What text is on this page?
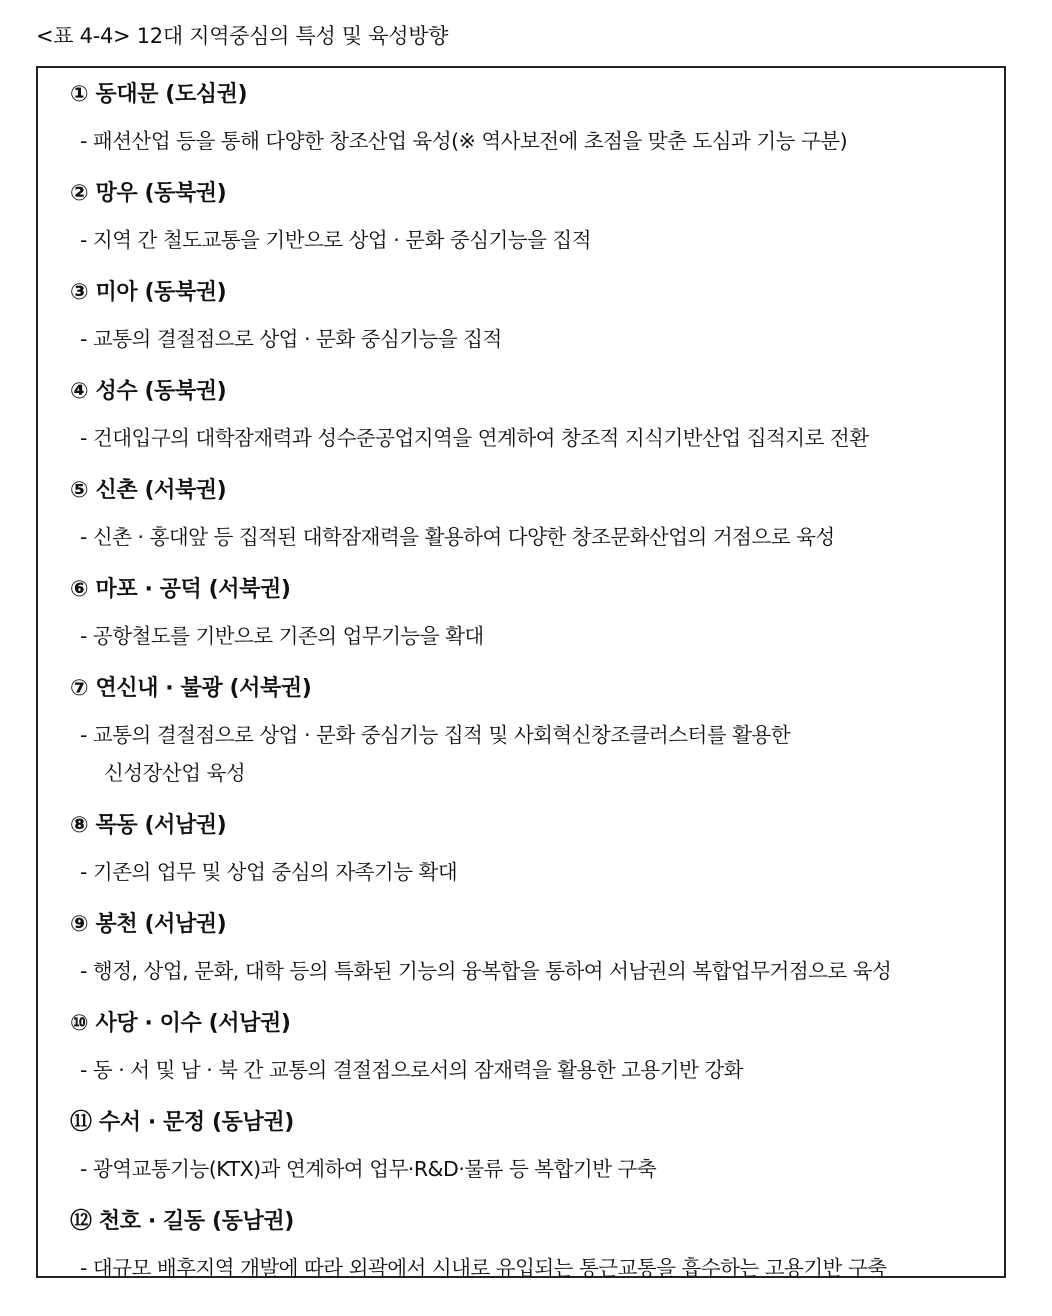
<표 4-4> 12대 지역중심의 특성 및 육성방향
① 동대문 (도심권)
- 패션산업 등을 통해 다양한 창조산업 육성(※ 역사보전에 초점을 맞춘 도심과 기능 구분)
② 망우 (동북권)
- 지역 간 철도교통을 기반으로 상업 · 문화 중심기능을 집적
③ 미아 (동북권)
- 교통의 결절점으로 상업 · 문화 중심기능을 집적
④ 성수 (동북권)
- 건대입구의 대학잠재력과 성수준공업지역을 연계하여 창조적 지식기반산업 집적지로 전환
⑤ 신촌 (서북권)
- 신촌 · 홍대앞 등 집적된 대학잠재력을 활용하여 다양한 창조문화산업의 거점으로 육성
⑥ 마포 · 공덕 (서북권)
- 공항철도를 기반으로 기존의 업무기능을 확대
⑦ 연신내 · 불광 (서북권)
- 교통의 결절점으로 상업 · 문화 중심기능 집적 및 사회혁신창조클러스터를 활용한
신성장산업 육성
⑧ 목동 (서남권)
- 기존의 업무 및 상업 중심의 자족기능 확대
⑨ 봉천 (서남권)
- 행정, 상업, 문화, 대학 등의 특화된 기능의 융복합을 통하여 서남권의 복합업무거점으로 육성
⑩ 사당 · 이수 (서남권)
- 동 · 서 및 남 · 북 간 교통의 결절점으로서의 잠재력을 활용한 고용기반 강화
⑪ 수서 · 문정 (동남권)
- 광역교통기능(KTX)과 연계하여 업무·R&D·물류 등 복합기반 구축
⑫ 천호 · 길동 (동남권)
- 대규모 배후지역 개발에 따라 외곽에서 시내로 유입되는 통근교통을 흡수하는 고용기반 구축
